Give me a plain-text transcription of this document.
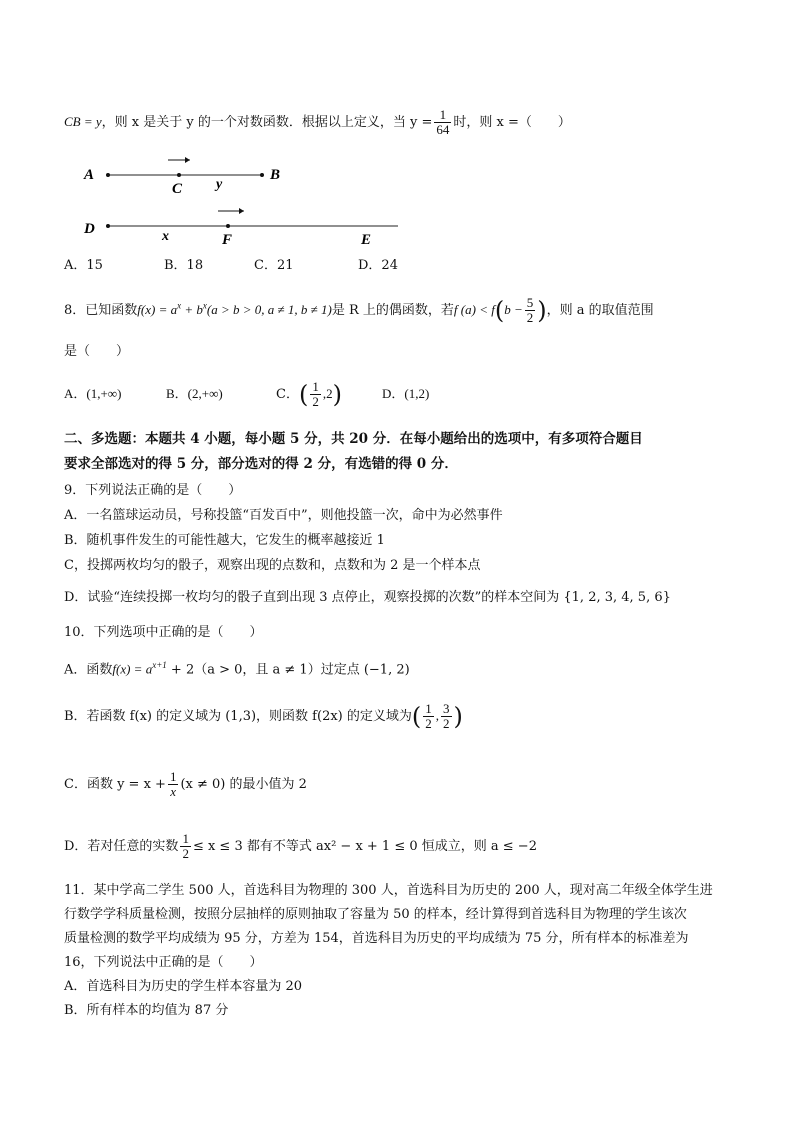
CB = y，则 x 是关于 y 的一个对数函数．根据以上定义，当 $y = \frac{1}{64}$ 时，则 x =（　　）
A	B
C y
D	x	F	E
A．15	B．18	C．21	D．24
8．已知函数$f(x) = a^x + b^x(a > b > 0$, a ≠ 1, b ≠ 1)是 R 上的偶函数，若f $(a) < f(b - \frac{5}{2}$ )，则 a 的取值范围
是（　　）
A．(1,+∞)	B．(2,+∞)	C．( $\frac{1}{2} ,2$)	D．(1,2)
二、多选题：本题共 4 小题，每小题 5 分，共 20 分．在每小题给出的选项中，有多项符合题目
要求全部选对的得 5 分，部分选对的得 2 分，有选错的得 0 分．
9．下列说法正确的是（　　）
A．一名篮球运动员，号称投篮“百发百中”，则他投篮一次，命中为必然事件
B．随机事件发生的可能性越大，它发生的概率越接近 1
C，投掷两枚均匀的骰子，观察出现的点数和，点数和为 2 是一个样本点
D．试验“连续投掷一枚均匀的骰子直到出现 3 点停止，观察投掷的次数”的样本空间为 {1, 2, 3, 4, 5, 6}
10．下列选项中正确的是（　　）
A．函数$f(x) = a^{x+1} + 2(a > 0$，且 a ≠ 1）过定点 (−1, 2)
B．若函数 f(x) 的定义域为 (1,3)，则函数 f(2x) 的定义域为( $\frac{1}{2}$ , $\frac{3}{2}$ )
C．函数 $y = x + \frac{1}{x} (x \ne 0)$ 的最小值为 2
D．若对任意的实数 $\frac{1}{2} \le x \le 3$ 都有不等式 ax² − x + 1 ≤ 0 恒成立，则 a ≤ −2
11．某中学高二学生 500 人，首选科目为物理的 300 人，首选科目为历史的 200 人，现对高二年级全体学生进
行数学学科质量检测，按照分层抽样的原则抽取了容量为 50 的样本，经计算得到首选科目为物理的学生该次
质量检测的数学平均成绩为 95 分，方差为 154，首选科目为历史的平均成绩为 75 分，所有样本的标准差为
16，下列说法中正确的是（　　）
A．首选科目为历史的学生样本容量为 20
B．所有样本的均值为 87 分
